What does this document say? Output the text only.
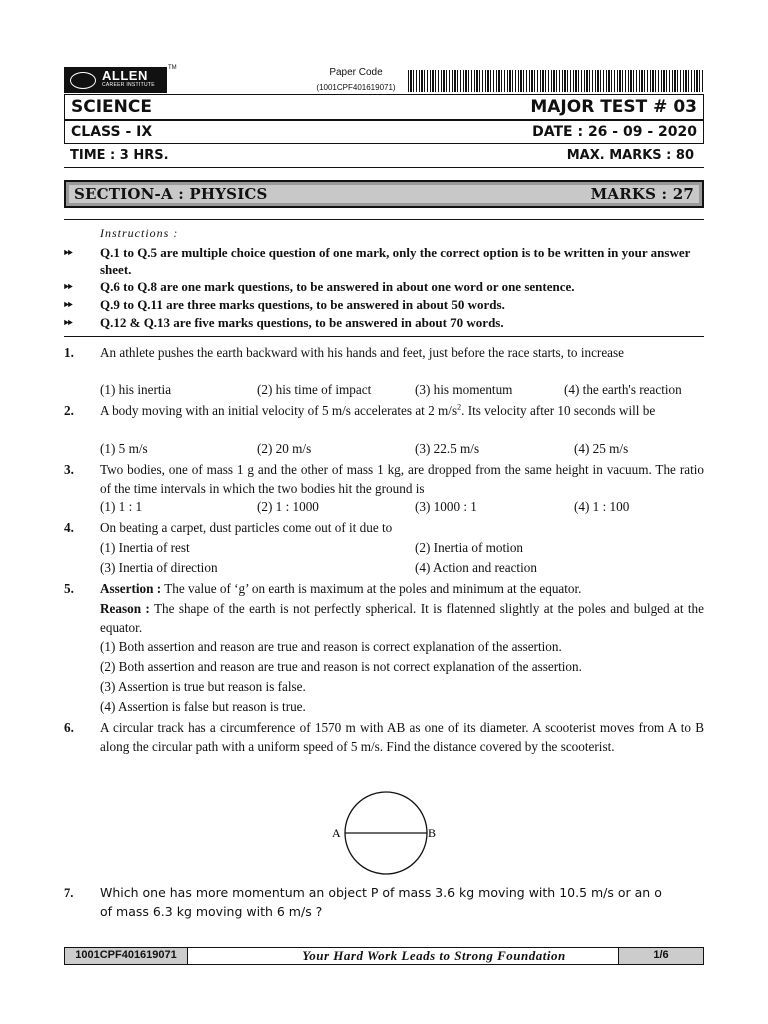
ALLEN
CAREER INSTITUTE
TM	Paper Code
(1001CPF401619071)
SCIENCE	MAJOR TEST # 03
CLASS - IX	DATE : 26 - 09 - 2020
TIME : 3 HRS.	MAX. MARKS : 80
SECTION-A : PHYSICS	MARKS : 27
Instructions :
⏩︎ Q.1 to Q.5 are multiple choice question of one mark, only the correct option is to be written in your answer sheet.
⏩︎ Q.6 to Q.8 are one mark questions, to be answered in about one word or one sentence.
⏩︎ Q.9 to Q.11 are three marks questions, to be answered in about 50 words.
⏩︎ Q.12 & Q.13 are five marks questions, to be answered in about 70 words.
1. An athlete pushes the earth backward with his hands and feet, just before the race starts, to increase
(1) his inertia	(2) his time of impact	(3) his momentum	(4) the earth's reaction
2. A body moving with an initial velocity of 5 m/s accelerates at 2 $m/s^2$. Its velocity after 10 seconds will be
(1) 5 m/s	(2) 20 m/s	(3) 22.5 m/s	(4) 25 m/s
3. Two bodies, one of mass 1 g and the other of mass 1 kg, are dropped from the same height in vacuum. The ratio of the time intervals in which the two bodies hit the ground is
(1) 1 : 1	(2) 1 : 1000	(3) 1000 : 1	(4) 1 : 100
4. On beating a carpet, dust particles come out of it due to
(1) Inertia of rest	(2) Inertia of motion
(3) Inertia of direction	(4) Action and reaction
5. Assertion : The value of ‘g’ on earth is maximum at the poles and minimum at the equator.
Reason : The shape of the earth is not perfectly spherical. It is flatenned slightly at the poles and bulged at the equator.
(1) Both assertion and reason are true and reason is correct explanation of the assertion.
(2) Both assertion and reason are true and reason is not correct explanation of the assertion.
(3) Assertion is true but reason is false.
(4) Assertion is false but reason is true.
6. A circular track has a circumference of 1570 m with AB as one of its diameter. A scooterist moves from A to B along the circular path with a uniform speed of 5 m/s. Find the distance covered by the scooterist.
A	B
7. Which one has more momentum an object P of mass 3.6 kg moving with 10.5 m/s or an o
of mass 6.3 kg moving with 6 m/s ?
1001CPF401619071	Your Hard Work Leads to Strong Foundation	1/6
